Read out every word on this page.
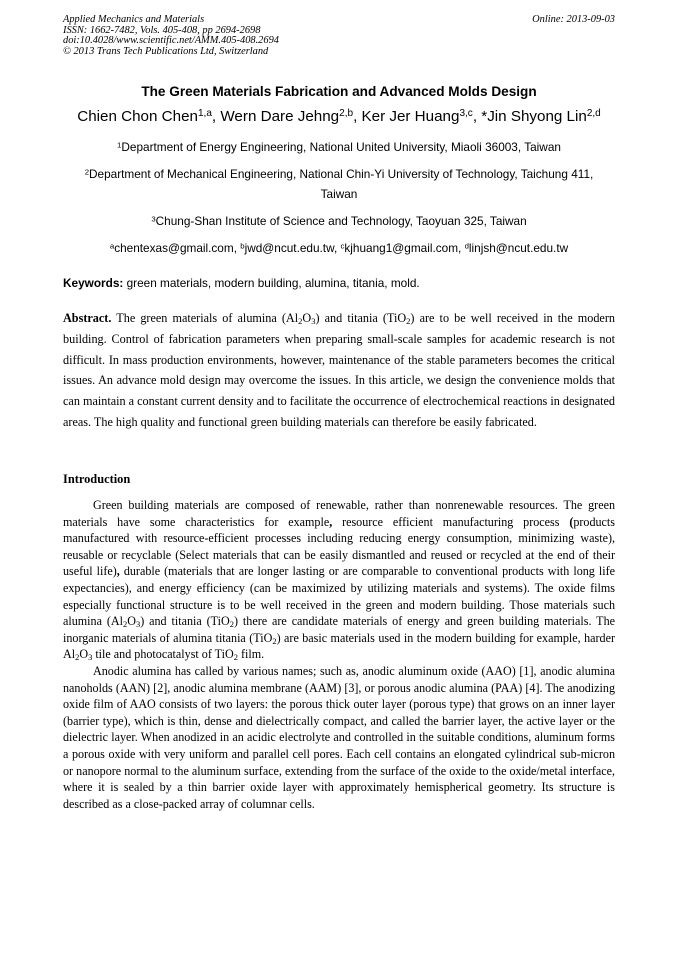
Applied Mechanics and Materials
ISSN: 1662-7482, Vols. 405-408, pp 2694-2698
doi:10.4028/www.scientific.net/AMM.405-408.2694
© 2013 Trans Tech Publications Ltd, Switzerland
Online: 2013-09-03
The Green Materials Fabrication and Advanced Molds Design
Chien Chon Chen$^{1,a}$, Wern Dare Jehng$^{2,b}$, Ker Jer Huang$^{3,c}$, *Jin Shyong Lin$^{2,d}$
$^1$Department of Energy Engineering, National United University, Miaoli 36003, Taiwan
$^2$Department of Mechanical Engineering, National Chin-Yi University of Technology, Taichung 411,
Taiwan
$^3$Chung-Shan Institute of Science and Technology, Taoyuan 325, Taiwan
$^a$chentexas@gmail.com, $^b$jwd@ncut.edu.tw, $^c$kjhuang1@gmail.com, $^d$linjsh@ncut.edu.tw
Keywords: green materials, modern building, alumina, titania, mold.
Abstract. The green materials of alumina $(Al_2O_3)$ and titania (TiO$_2$) are to be well received in the modern building. Control of fabrication parameters when preparing small-scale samples for academic research is not difficult. In mass production environments, however, maintenance of the stable parameters becomes the critical issues. An advance mold design may overcome the issues. In this article, we design the convenience molds that can maintain a constant current density and to facilitate the occurrence of electrochemical reactions in designated areas. The high quality and functional green building materials can therefore be easily fabricated.
Introduction

Green building materials are composed of renewable, rather than nonrenewable resources. The green materials have some characteristics for example, resource efficient manufacturing process (products manufactured with resource-efficient processes including reducing energy consumption, minimizing waste), reusable or recyclable (Select materials that can be easily dismantled and reused or recycled at the end of their useful life), durable (materials that are longer lasting or are comparable to conventional products with long life expectancies), and energy efficiency (can be maximized by utilizing materials and systems). The oxide films especially functional structure is to be well received in the green and modern building. Those materials such alumina $(Al_2O_3)$ and titania (TiO$_2$) there are candidate materials of energy and green building materials. The inorganic materials of alumina titania (TiO$_2$) are basic materials used in the modern building for example, harder $Al_2O_3$ tile and photocatalyst of TiO$_2$ film.

Anodic alumina has called by various names; such as, anodic aluminum oxide (AAO) [1], anodic alumina nanoholds (AAN) [2], anodic alumina membrane (AAM) [3], or porous anodic alumina (PAA) [4]. The anodizing oxide film of AAO consists of two layers: the porous thick outer layer (porous type) that grows on an inner layer (barrier type), which is thin, dense and dielectrically compact, and called the barrier layer, the active layer or the dielectric layer. When anodized in an acidic electrolyte and controlled in the suitable conditions, aluminum forms a porous oxide with very uniform and parallel cell pores. Each cell contains an elongated cylindrical sub-micron or nanopore normal to the aluminum surface, extending from the surface of the oxide to the oxide/metal interface, where it is sealed by a thin barrier oxide layer with approximately hemispherical geometry. Its structure is described as a close-packed array of columnar cells.
